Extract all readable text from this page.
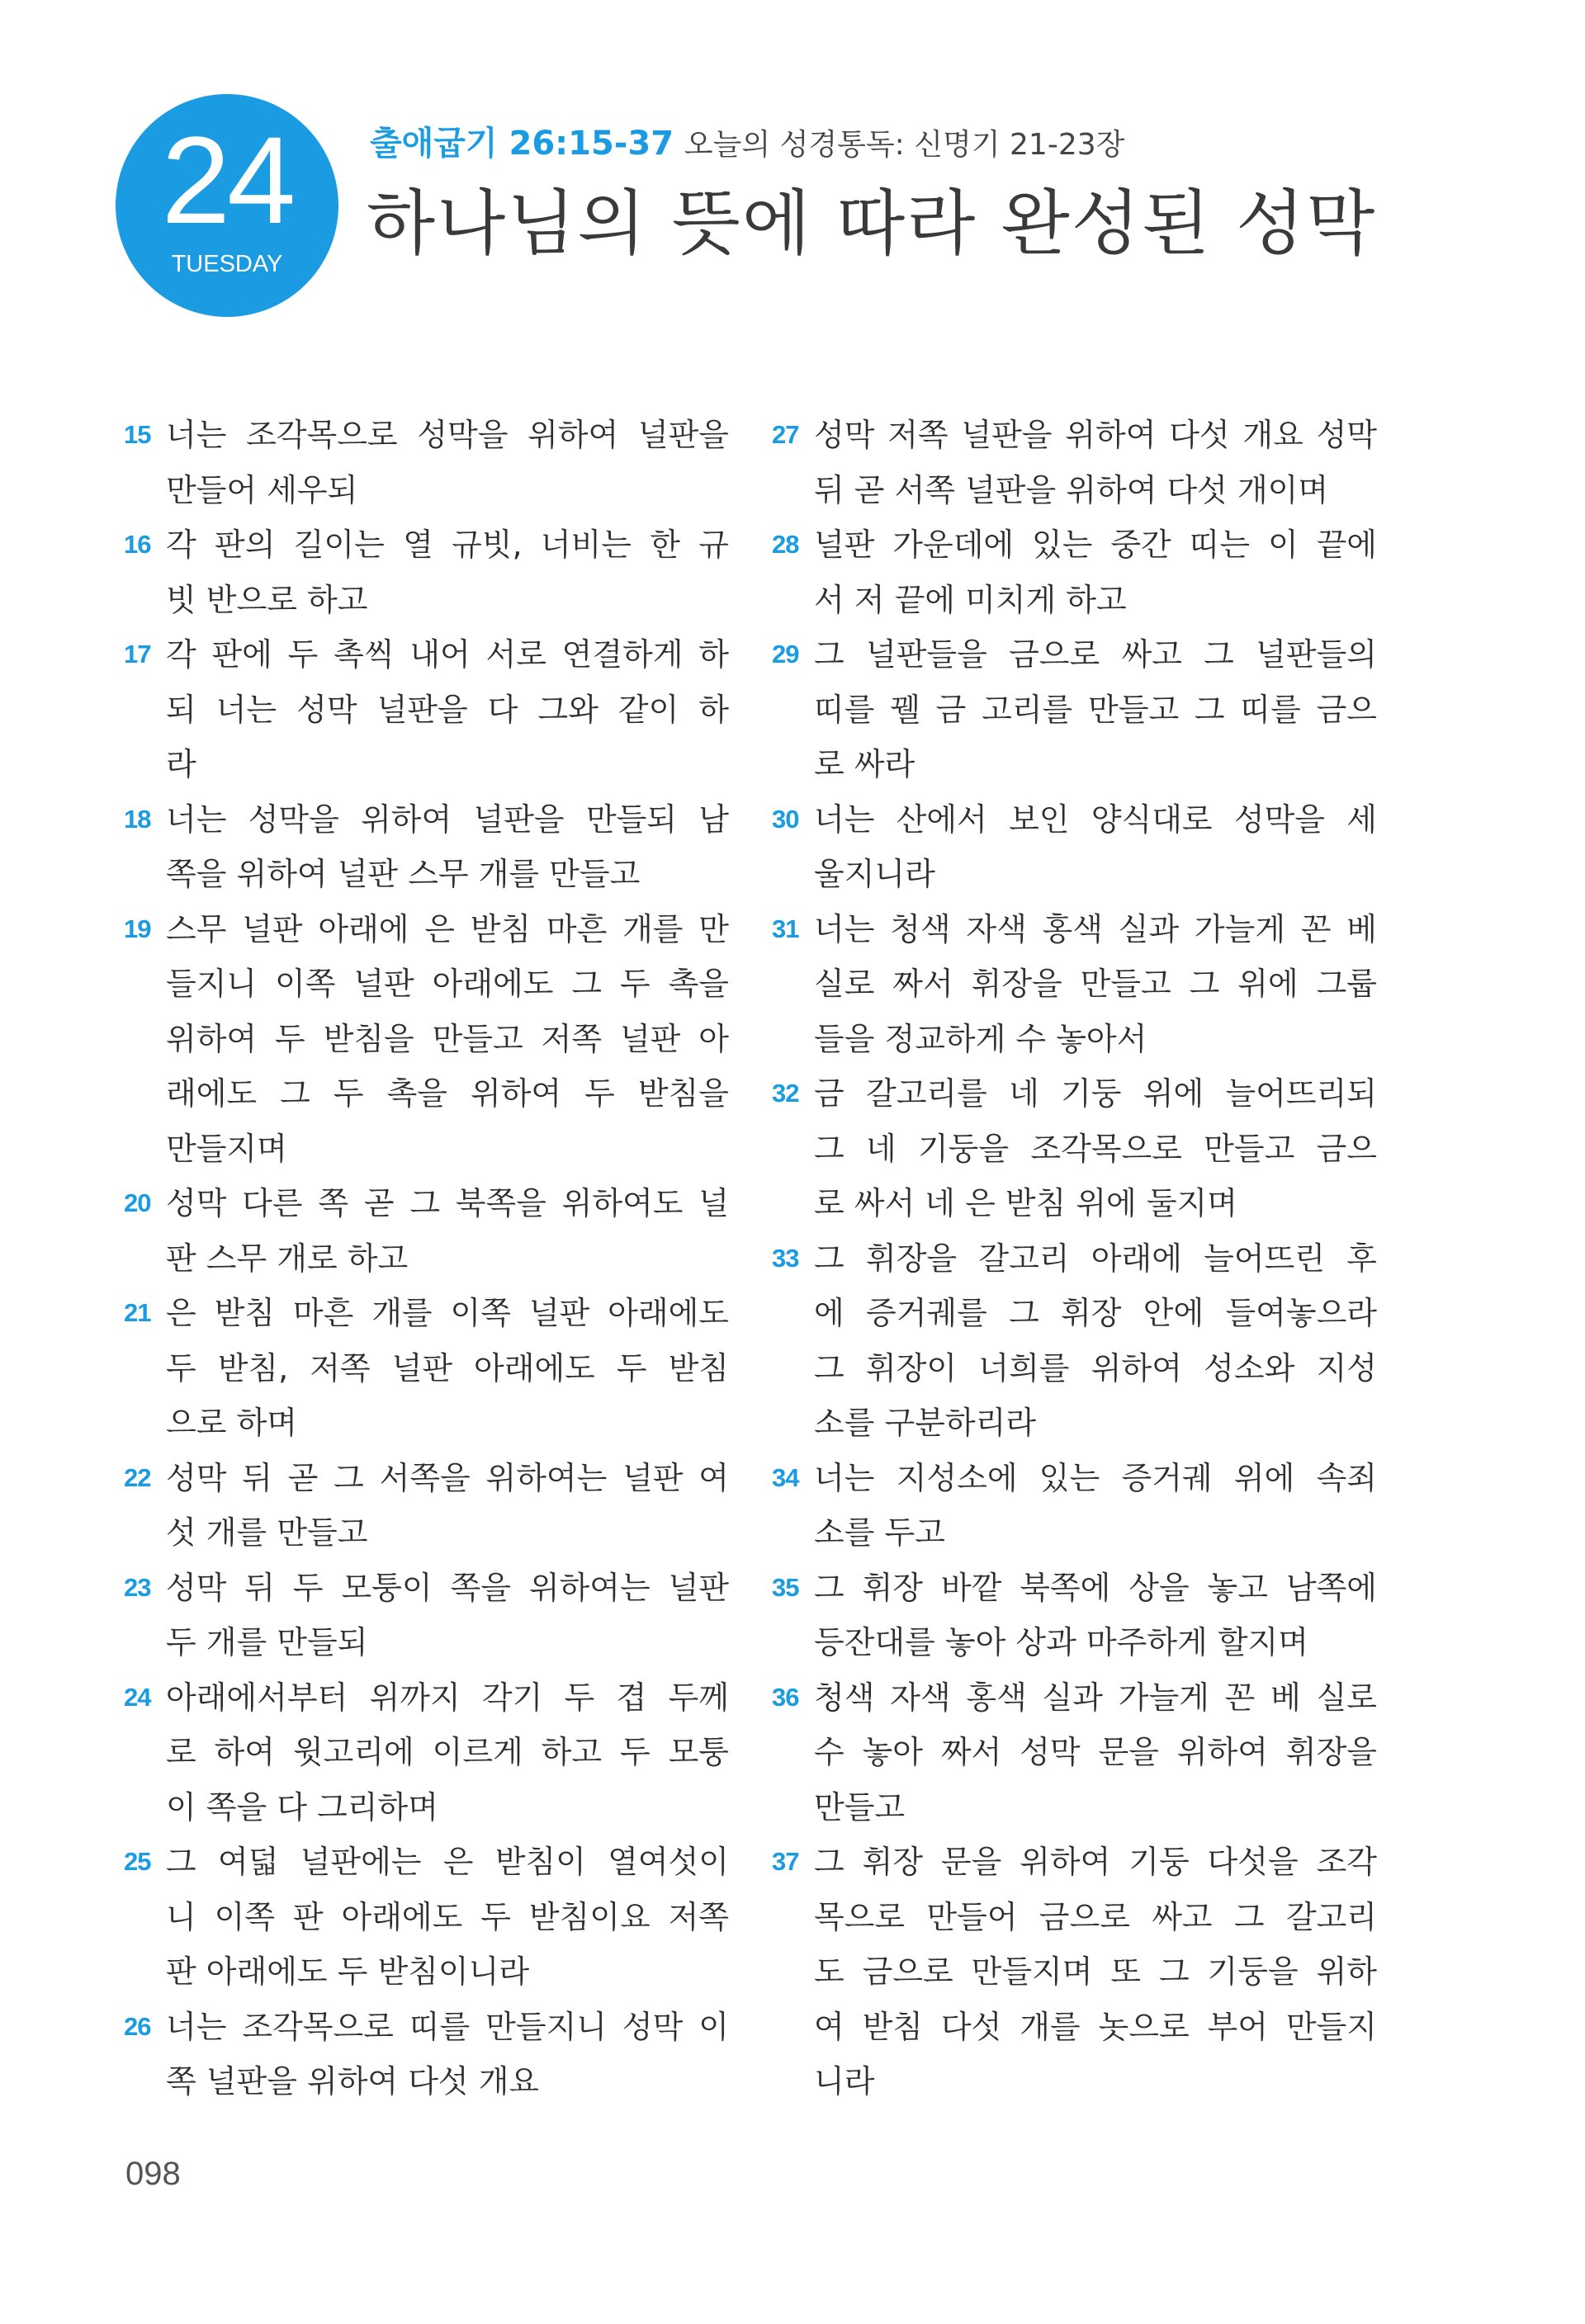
24
TUESDAY
출애굽기 26:15-37 오늘의 성경통독: 신명기 21-23장
하나님의 뜻에 따라 완성된 성막
15 너는 조각목으로 성막을 위하여 널판을
만들어 세우되
16 각 판의 길이는 열 규빗, 너비는 한 규
빗 반으로 하고
17 각 판에 두 촉씩 내어 서로 연결하게 하
되 너는 성막 널판을 다 그와 같이 하
라
18 너는 성막을 위하여 널판을 만들되 남
쪽을 위하여 널판 스무 개를 만들고
19 스무 널판 아래에 은 받침 마흔 개를 만
들지니 이쪽 널판 아래에도 그 두 촉을
위하여 두 받침을 만들고 저쪽 널판 아
래에도 그 두 촉을 위하여 두 받침을
만들지며
20 성막 다른 쪽 곧 그 북쪽을 위하여도 널
판 스무 개로 하고
21 은 받침 마흔 개를 이쪽 널판 아래에도
두 받침, 저쪽 널판 아래에도 두 받침
으로 하며
22 성막 뒤 곧 그 서쪽을 위하여는 널판 여
섯 개를 만들고
23 성막 뒤 두 모퉁이 쪽을 위하여는 널판
두 개를 만들되
24 아래에서부터 위까지 각기 두 겹 두께
로 하여 윗고리에 이르게 하고 두 모퉁
이 쪽을 다 그리하며
25 그 여덟 널판에는 은 받침이 열여섯이
니 이쪽 판 아래에도 두 받침이요 저쪽
판 아래에도 두 받침이니라
26 너는 조각목으로 띠를 만들지니 성막 이
쪽 널판을 위하여 다섯 개요
27 성막 저쪽 널판을 위하여 다섯 개요 성막
뒤 곧 서쪽 널판을 위하여 다섯 개이며
28 널판 가운데에 있는 중간 띠는 이 끝에
서 저 끝에 미치게 하고
29 그 널판들을 금으로 싸고 그 널판들의
띠를 꿸 금 고리를 만들고 그 띠를 금으
로 싸라
30 너는 산에서 보인 양식대로 성막을 세
울지니라
31 너는 청색 자색 홍색 실과 가늘게 꼰 베
실로 짜서 휘장을 만들고 그 위에 그룹
들을 정교하게 수 놓아서
32 금 갈고리를 네 기둥 위에 늘어뜨리되
그 네 기둥을 조각목으로 만들고 금으
로 싸서 네 은 받침 위에 둘지며
33 그 휘장을 갈고리 아래에 늘어뜨린 후
에 증거궤를 그 휘장 안에 들여놓으라
그 휘장이 너희를 위하여 성소와 지성
소를 구분하리라
34 너는 지성소에 있는 증거궤 위에 속죄
소를 두고
35 그 휘장 바깥 북쪽에 상을 놓고 남쪽에
등잔대를 놓아 상과 마주하게 할지며
36 청색 자색 홍색 실과 가늘게 꼰 베 실로
수 놓아 짜서 성막 문을 위하여 휘장을
만들고
37 그 휘장 문을 위하여 기둥 다섯을 조각
목으로 만들어 금으로 싸고 그 갈고리
도 금으로 만들지며 또 그 기둥을 위하
여 받침 다섯 개를 놋으로 부어 만들지
니라
098
